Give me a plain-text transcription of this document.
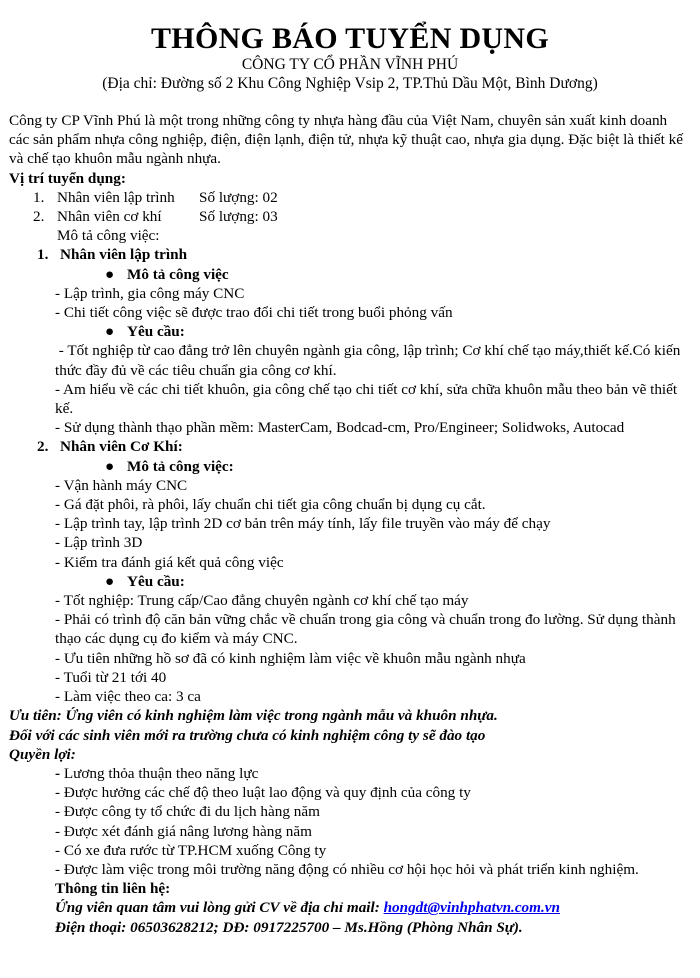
THÔNG BÁO TUYỂN DỤNG
CÔNG TY CỔ PHẦN VĨNH PHÚ
(Địa chỉ: Đường số 2 Khu Công Nghiệp Vsip 2, TP.Thủ Dầu Một, Bình Dương)
Công ty CP Vĩnh Phú là một trong những công ty nhựa hàng đầu của Việt Nam, chuyên sản xuất kinh doanh các sản phẩm nhựa công nghiệp, điện, điện lạnh, điện tử, nhựa kỹ thuật cao, nhựa gia dụng. Đặc biệt là thiết kế và chế tạo khuôn mẫu ngành nhựa.
Vị trí tuyển dụng:
1. Nhân viên lập trình	Số lượng: 02
2. Nhân viên cơ khí	Số lượng: 03
Mô tả công việc:
1. Nhân viên lập trình
● Mô tả công việc
- Lập trình, gia công máy CNC
- Chi tiết công việc sẽ được trao đổi chi tiết trong buổi phỏng vấn
● Yêu cầu:
- Tốt nghiệp từ cao đẳng trở lên chuyên ngành gia công, lập trình; Cơ khí chế tạo máy,thiết kế.Có kiến thức đầy đủ về các tiêu chuẩn gia công cơ khí.
- Am hiểu về các chi tiết khuôn, gia công chế tạo chi tiết cơ khí, sửa chữa khuôn mẫu theo bản vẽ thiết kế.
- Sử dụng thành thạo phần mềm: MasterCam, Bodcad-cm, Pro/Engineer; Solidwoks, Autocad
2. Nhân viên Cơ Khí:
● Mô tả công việc:
- Vận hành máy CNC
- Gá đặt phôi, rà phôi, lấy chuẩn chi tiết gia công chuẩn bị dụng cụ cắt.
- Lập trình tay, lập trình 2D cơ bản trên máy tính, lấy file truyền vào máy để chạy
- Lập trình 3D
- Kiểm tra đánh giá kết quả công việc
● Yêu cầu:
- Tốt nghiệp: Trung cấp/Cao đẳng chuyên ngành cơ khí chế tạo máy
- Phải có trình độ căn bản vững chắc về chuẩn trong gia công và chuẩn trong đo lường. Sử dụng thành thạo các dụng cụ đo kiểm và máy CNC.
- Ưu tiên những hồ sơ đã có kinh nghiệm làm việc về khuôn mẫu ngành nhựa
- Tuổi từ 21 tới 40
- Làm việc theo ca: 3 ca
Ưu tiên: Ứng viên có kinh nghiệm làm việc trong ngành mẫu và khuôn nhựa.
Đối với các sinh viên mới ra trường chưa có kinh nghiệm công ty sẽ đào tạo
Quyền lợi:
- Lương thỏa thuận theo năng lực
- Được hưởng các chế độ theo luật lao động và quy định của công ty
- Được công ty tổ chức đi du lịch hàng năm
- Được xét đánh giá nâng lương hàng năm
- Có xe đưa rước từ TP.HCM xuống Công ty
- Được làm việc trong môi trường năng động có nhiều cơ hội học hỏi và phát triển kinh nghiệm.
Thông tin liên hệ:
Ứng viên quan tâm vui lòng gửi CV về địa chỉ mail: hongdt@vinhphatvn.com.vn
Điện thoại: 06503628212; DĐ: 0917225700 – Ms.Hồng (Phòng Nhân Sự).
